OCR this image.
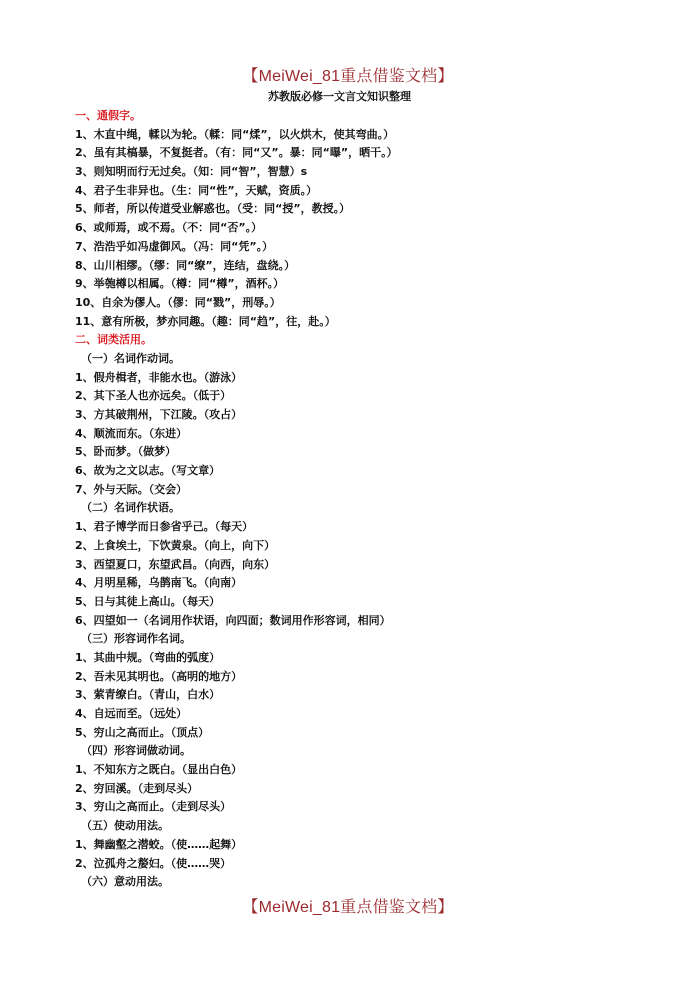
【MeiWei_81重点借鉴文档】
苏教版必修一文言文知识整理
一、通假字。
1、木直中绳，輮以为轮。（輮：同“煣”，以火烘木，使其弯曲。）
2、虽有其槁暴，不复挺者。（有：同“又”。暴：同“曝”，晒干。）
3、则知明而行无过矣。（知：同“智”，智慧）s
4、君子生非异也。（生：同“性”，天赋，资质。）
5、师者，所以传道受业解惑也。（受：同“授”，教授。）
6、或师焉，或不焉。（不：同“否”。）
7、浩浩乎如冯虚御风。（冯：同“凭”。）
8、山川相缪。（缪：同“缭”，连结，盘绕。）
9、举匏樽以相属。（樽：同“樽”，酒杯。）
10、自余为僇人。（僇：同“戮”，刑辱。）
11、意有所极，梦亦同趣。（趣：同“趋”，往，赴。）
二、词类活用。
（一）名词作动词。
1、假舟楫者，非能水也。（游泳）
2、其下圣人也亦远矣。（低于）
3、方其破荆州，下江陵。（攻占）
4、顺流而东。（东进）
5、卧而梦。（做梦）
6、故为之文以志。（写文章）
7、外与天际。（交会）
（二）名词作状语。
1、君子博学而日参省乎己。（每天）
2、上食埃土，下饮黄泉。（向上，向下）
3、西望夏口，东望武昌。（向西，向东）
4、月明星稀，乌鹊南飞。（向南）
5、日与其徒上高山。（每天）
6、四望如一（名词用作状语，向四面；数词用作形容词，相同）
（三）形容词作名词。
1、其曲中规。（弯曲的弧度）
2、吾未见其明也。（高明的地方）
3、萦青缭白。（青山，白水）
4、自远而至。（远处）
5、穷山之高而止。（顶点）
（四）形容词做动词。
1、不知东方之既白。（显出白色）
2、穷回溪。（走到尽头）
3、穷山之高而止。（走到尽头）
（五）使动用法。
1、舞幽壑之潜蛟。（使……起舞）
2、泣孤舟之嫠妇。（使……哭）
（六）意动用法。
【MeiWei_81重点借鉴文档】
